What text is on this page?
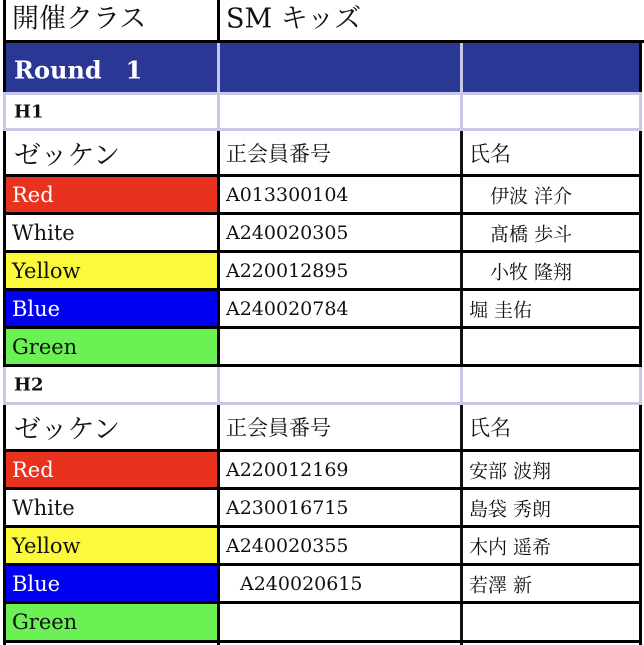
開催クラス	SM キッズ
Round　1
H1
ゼッケン	正会員番号	氏名
Red	A013300104	伊波 洋介
White	A240020305	髙橋 歩斗
Yellow	A220012895	小牧 隆翔
Blue	A240020784	堀 圭佑
Green
H2
ゼッケン	正会員番号	氏名
Red	A220012169	安部 波翔
White	A230016715	島袋 秀朗
Yellow	A240020355	木内 遥希
Blue	A240020615	若澤 新
Green
